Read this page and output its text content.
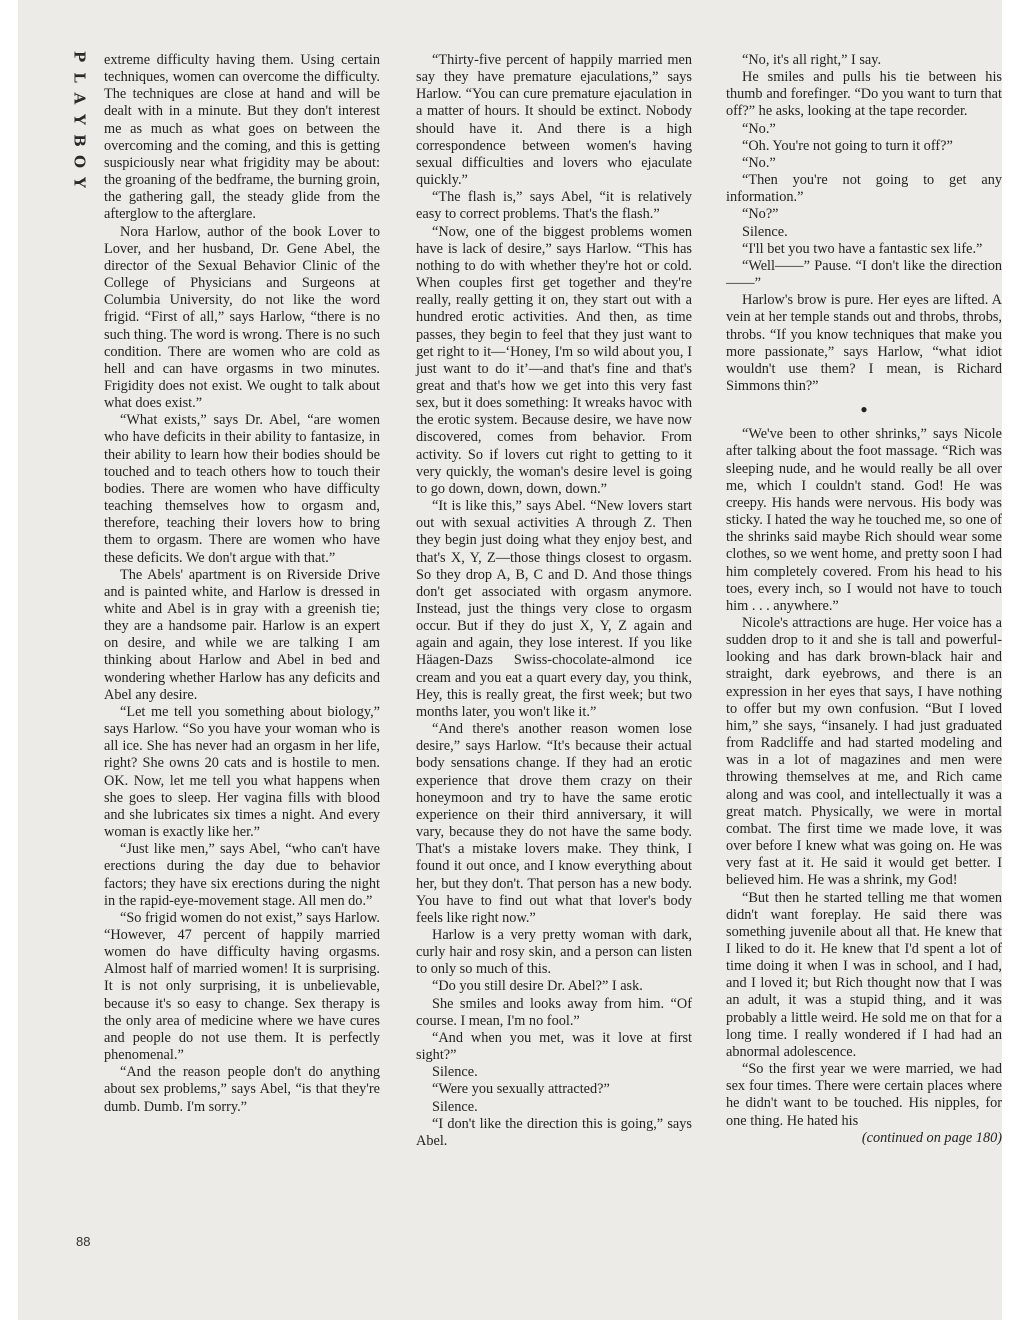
P
L
A
Y
B
O
Y
88

extreme difficulty having them. Using certain techniques, women can overcome the difficulty. The techniques are close at hand and will be dealt with in a minute. But they don't interest me as much as what goes on between the overcoming and the coming, and this is getting suspiciously near what frigidity may be about: the groaning of the bedframe, the burning groin, the gathering gall, the steady glide from the afterglow to the afterglare.

Nora Harlow, author of the book Lover to Lover, and her husband, Dr. Gene Abel, the director of the Sexual Behavior Clinic of the College of Physicians and Surgeons at Columbia University, do not like the word frigid. “First of all,” says Harlow, “there is no such thing. The word is wrong. There is no such condition. There are women who are cold as hell and can have orgasms in two minutes. Frigidity does not exist. We ought to talk about what does exist.”

“What exists,” says Dr. Abel, “are women who have deficits in their ability to fantasize, in their ability to learn how their bodies should be touched and to teach others how to touch their bodies. There are women who have difficulty teaching themselves how to orgasm and, therefore, teaching their lovers how to bring them to orgasm. There are women who have these deficits. We don't argue with that.”

The Abels' apartment is on Riverside Drive and is painted white, and Harlow is dressed in white and Abel is in gray with a greenish tie; they are a handsome pair. Harlow is an expert on desire, and while we are talking I am thinking about Harlow and Abel in bed and wondering whether Harlow has any deficits and Abel any desire.

“Let me tell you something about biology,” says Harlow. “So you have your woman who is all ice. She has never had an orgasm in her life, right? She owns 20 cats and is hostile to men. OK. Now, let me tell you what happens when she goes to sleep. Her vagina fills with blood and she lubricates six times a night. And every woman is exactly like her.”

“Just like men,” says Abel, “who can't have erections during the day due to behavior factors; they have six erections during the night in the rapid-eye-movement stage. All men do.”

“So frigid women do not exist,” says Harlow. “However, 47 percent of happily married women do have difficulty having orgasms. Almost half of married women! It is surprising. It is not only surprising, it is unbelievable, because it's so easy to change. Sex therapy is the only area of medicine where we have cures and people do not use them. It is perfectly phenomenal.”

“And the reason people don't do anything about sex problems,” says Abel, “is that they're dumb. Dumb. I'm sorry.”

“Thirty-five percent of happily married men say they have premature ejaculations,” says Harlow. “You can cure premature ejaculation in a matter of hours. It should be extinct. Nobody should have it. And there is a high correspondence between women's having sexual difficulties and lovers who ejaculate quickly.”

“The flash is,” says Abel, “it is relatively easy to correct problems. That's the flash.”

“Now, one of the biggest problems women have is lack of desire,” says Harlow. “This has nothing to do with whether they're hot or cold. When couples first get together and they're really, really getting it on, they start out with a hundred erotic activities. And then, as time passes, they begin to feel that they just want to get right to it—‘Honey, I'm so wild about you, I just want to do it’—and that's fine and that's great and that's how we get into this very fast sex, but it does something: It wreaks havoc with the erotic system. Because desire, we have now discovered, comes from behavior. From activity. So if lovers cut right to getting to it very quickly, the woman's desire level is going to go down, down, down, down.”

“It is like this,” says Abel. “New lovers start out with sexual activities A through Z. Then they begin just doing what they enjoy best, and that's X, Y, Z—those things closest to orgasm. So they drop A, B, C and D. And those things don't get associated with orgasm anymore. Instead, just the things very close to orgasm occur. But if they do just X, Y, Z again and again and again, they lose interest. If you like Häagen-Dazs Swiss-chocolate-almond ice cream and you eat a quart every day, you think, Hey, this is really great, the first week; but two months later, you won't like it.”

“And there's another reason women lose desire,” says Harlow. “It's because their actual body sensations change. If they had an erotic experience that drove them crazy on their honeymoon and try to have the same erotic experience on their third anniversary, it will vary, because they do not have the same body. That's a mistake lovers make. They think, I found it out once, and I know everything about her, but they don't. That person has a new body. You have to find out what that lover's body feels like right now.”

Harlow is a very pretty woman with dark, curly hair and rosy skin, and a person can listen to only so much of this.

“Do you still desire Dr. Abel?” I ask.

She smiles and looks away from him. “Of course. I mean, I'm no fool.”

“And when you met, was it love at first sight?”

Silence.

“Were you sexually attracted?”

Silence.

“I don't like the direction this is going,” says Abel.

“No, it's all right,” I say.

He smiles and pulls his tie between his thumb and forefinger. “Do you want to turn that off?” he asks, looking at the tape recorder.

“No.”

“Oh. You're not going to turn it off?”

“No.”

“Then you're not going to get any information.”

“No?”

Silence.

“I'll bet you two have a fantastic sex life.”

“Well——” Pause. “I don't like the direction——”

Harlow's brow is pure. Her eyes are lifted. A vein at her temple stands out and throbs, throbs, throbs. “If you know techniques that make you more passionate,” says Harlow, “what idiot wouldn't use them? I mean, is Richard Simmons thin?”

●

“We've been to other shrinks,” says Nicole after talking about the foot massage. “Rich was sleeping nude, and he would really be all over me, which I couldn't stand. God! He was creepy. His hands were nervous. His body was sticky. I hated the way he touched me, so one of the shrinks said maybe Rich should wear some clothes, so we went home, and pretty soon I had him completely covered. From his head to his toes, every inch, so I would not have to touch him . . . anywhere.”

Nicole's attractions are huge. Her voice has a sudden drop to it and she is tall and powerful-looking and has dark brown-black hair and straight, dark eyebrows, and there is an expression in her eyes that says, I have nothing to offer but my own confusion. “But I loved him,” she says, “insanely. I had just graduated from Radcliffe and had started modeling and was in a lot of magazines and men were throwing themselves at me, and Rich came along and was cool, and intellectually it was a great match. Physically, we were in mortal combat. The first time we made love, it was over before I knew what was going on. He was very fast at it. He said it would get better. I believed him. He was a shrink, my God!

“But then he started telling me that women didn't want foreplay. He said there was something juvenile about all that. He knew that I liked to do it. He knew that I'd spent a lot of time doing it when I was in school, and I had, and I loved it; but Rich thought now that I was an adult, it was a stupid thing, and it was probably a little weird. He sold me on that for a long time. I really wondered if I had had an abnormal adolescence.

“So the first year we were married, we had sex four times. There were certain places where he didn't want to be touched. His nipples, for one thing. He hated his

(continued on page 180)
